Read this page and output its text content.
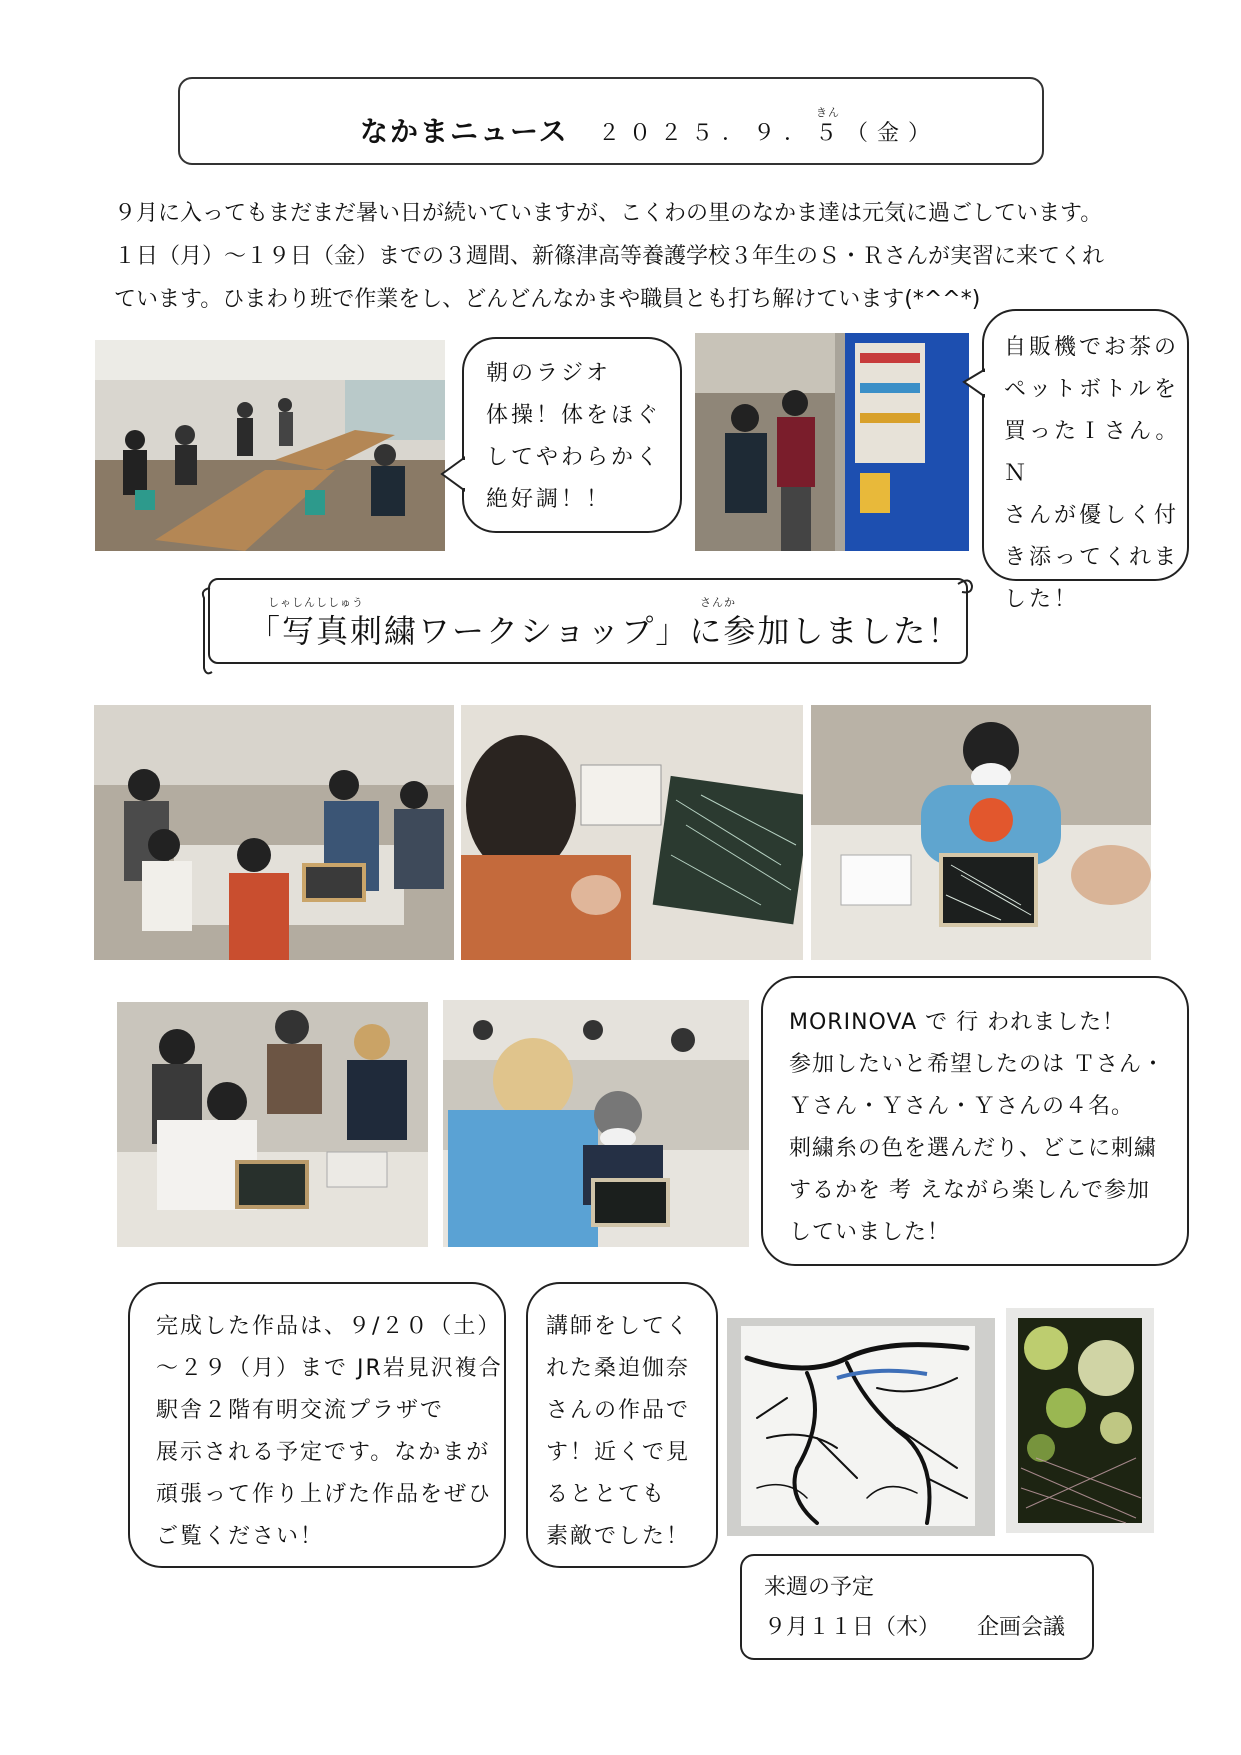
なかまニュース
きん
２０２５．９．５（金）
９月に入ってもまだまだ暑い日が続いていますが、こくわの里のなかま達は元気に過ごしています。
１日（月）～１９日（金）までの３週間、新篠津高等養護学校３年生のＳ・Ｒさんが実習に来てくれ
ています。ひまわり班で作業をし、どんどんなかまや職員とも打ち解けています(*^^*)
朝のラジオ
体操！体をほぐ
してやわらかく
絶好調！！
自販機でお茶の
ペットボトルを
買ったＩさん。Ｎ
さんが優しく付
き添ってくれま
した！
しゃしんししゅう	さんか
「写真刺繍ワークショップ」に参加しました！
MORINOVA で 行 われました！
参加したいと希望したのは Ｔさん・
Ｙさん・Ｙさん・Ｙさんの４名。
刺繍糸の色を選んだり、どこに刺繍
するかを 考 えながら楽しんで参加
していました！
完成した作品は、９/２０（土）
～２９（月）まで JR岩見沢複合
駅舎２階有明交流プラザで
展示される予定です。なかまが
頑張って作り上げた作品をぜひ
ご覧ください！
講師をしてく
れた桑迫伽奈
さんの作品で
す！近くで見
るととても
素敵でした！
来週の予定
９月１１日（木） 企画会議
